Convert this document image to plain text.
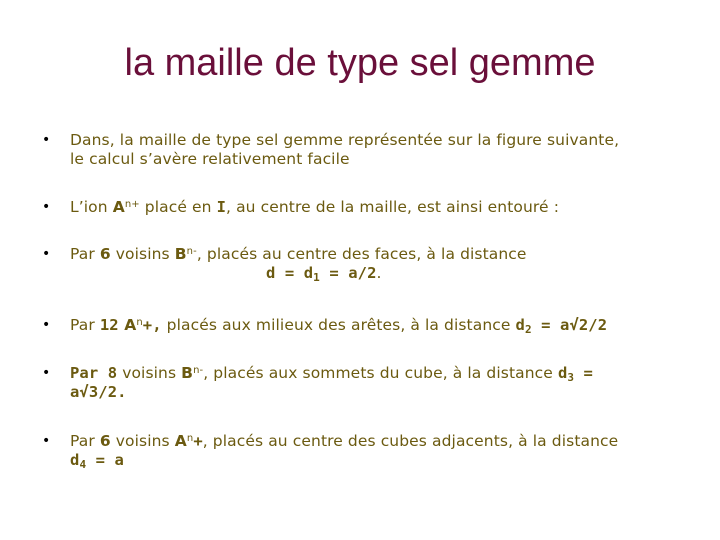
la maille de type sel gemme
• Dans, la maille de type sel gemme représentée sur la figure suivante,
le calcul s’avère relativement facile
• L’ion $A^{n+}$ placé en I, au centre de la maille, est ainsi entouré :
• Par 6 voisins $B^{n-}$, placés au centre des faces, à la distance
$d = d_1 = a/2$.
• Par 12 $A^n+$, placés aux milieux des arêtes, à la distance $d_2 = a√2/2$
• Par 8 voisins $B^{n-}$, placés aux sommets du cube, à la distance $d_3$ =
a√3/2.
• Par 6 voisins $A^n+$, placés au centre des cubes adjacents, à la distance
$d_4 = a$
